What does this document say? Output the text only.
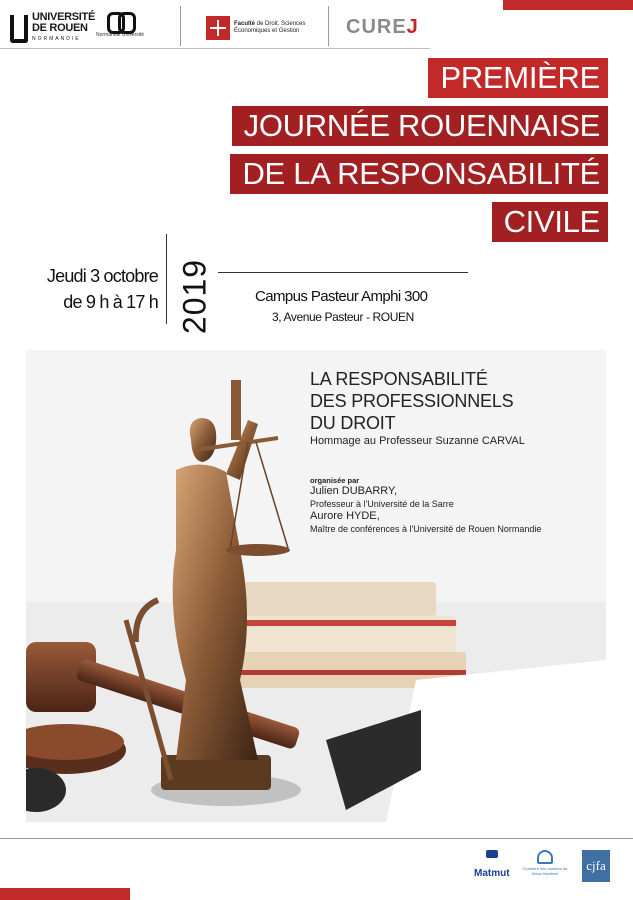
UNIVERSITÉ
DE ROUEN
NORMANDIE
Normandie Université
Faculté de Droit, Sciences
Économiques et Gestion	CUREJ
PREMIÈRE
JOURNÉE ROUENNAISE
DE LA RESPONSABILITÉ
CIVILE
Jeudi 3 octobre
de 9 h à 17 h 2019	Campus Pasteur Amphi 300
3, Avenue Pasteur - ROUEN
LA RESPONSABILITÉ
DES PROFESSIONNELS
DU DROIT
Hommage au Professeur Suzanne CARVAL
organisée par
Julien DUBARRY,
Professeur à l'Université de la Sarre
Aurore HYDE,
Maître de conférences à l'Université de Rouen Normandie
Matmut	Chambre des notaires de Seine-Maritime
cjfa
